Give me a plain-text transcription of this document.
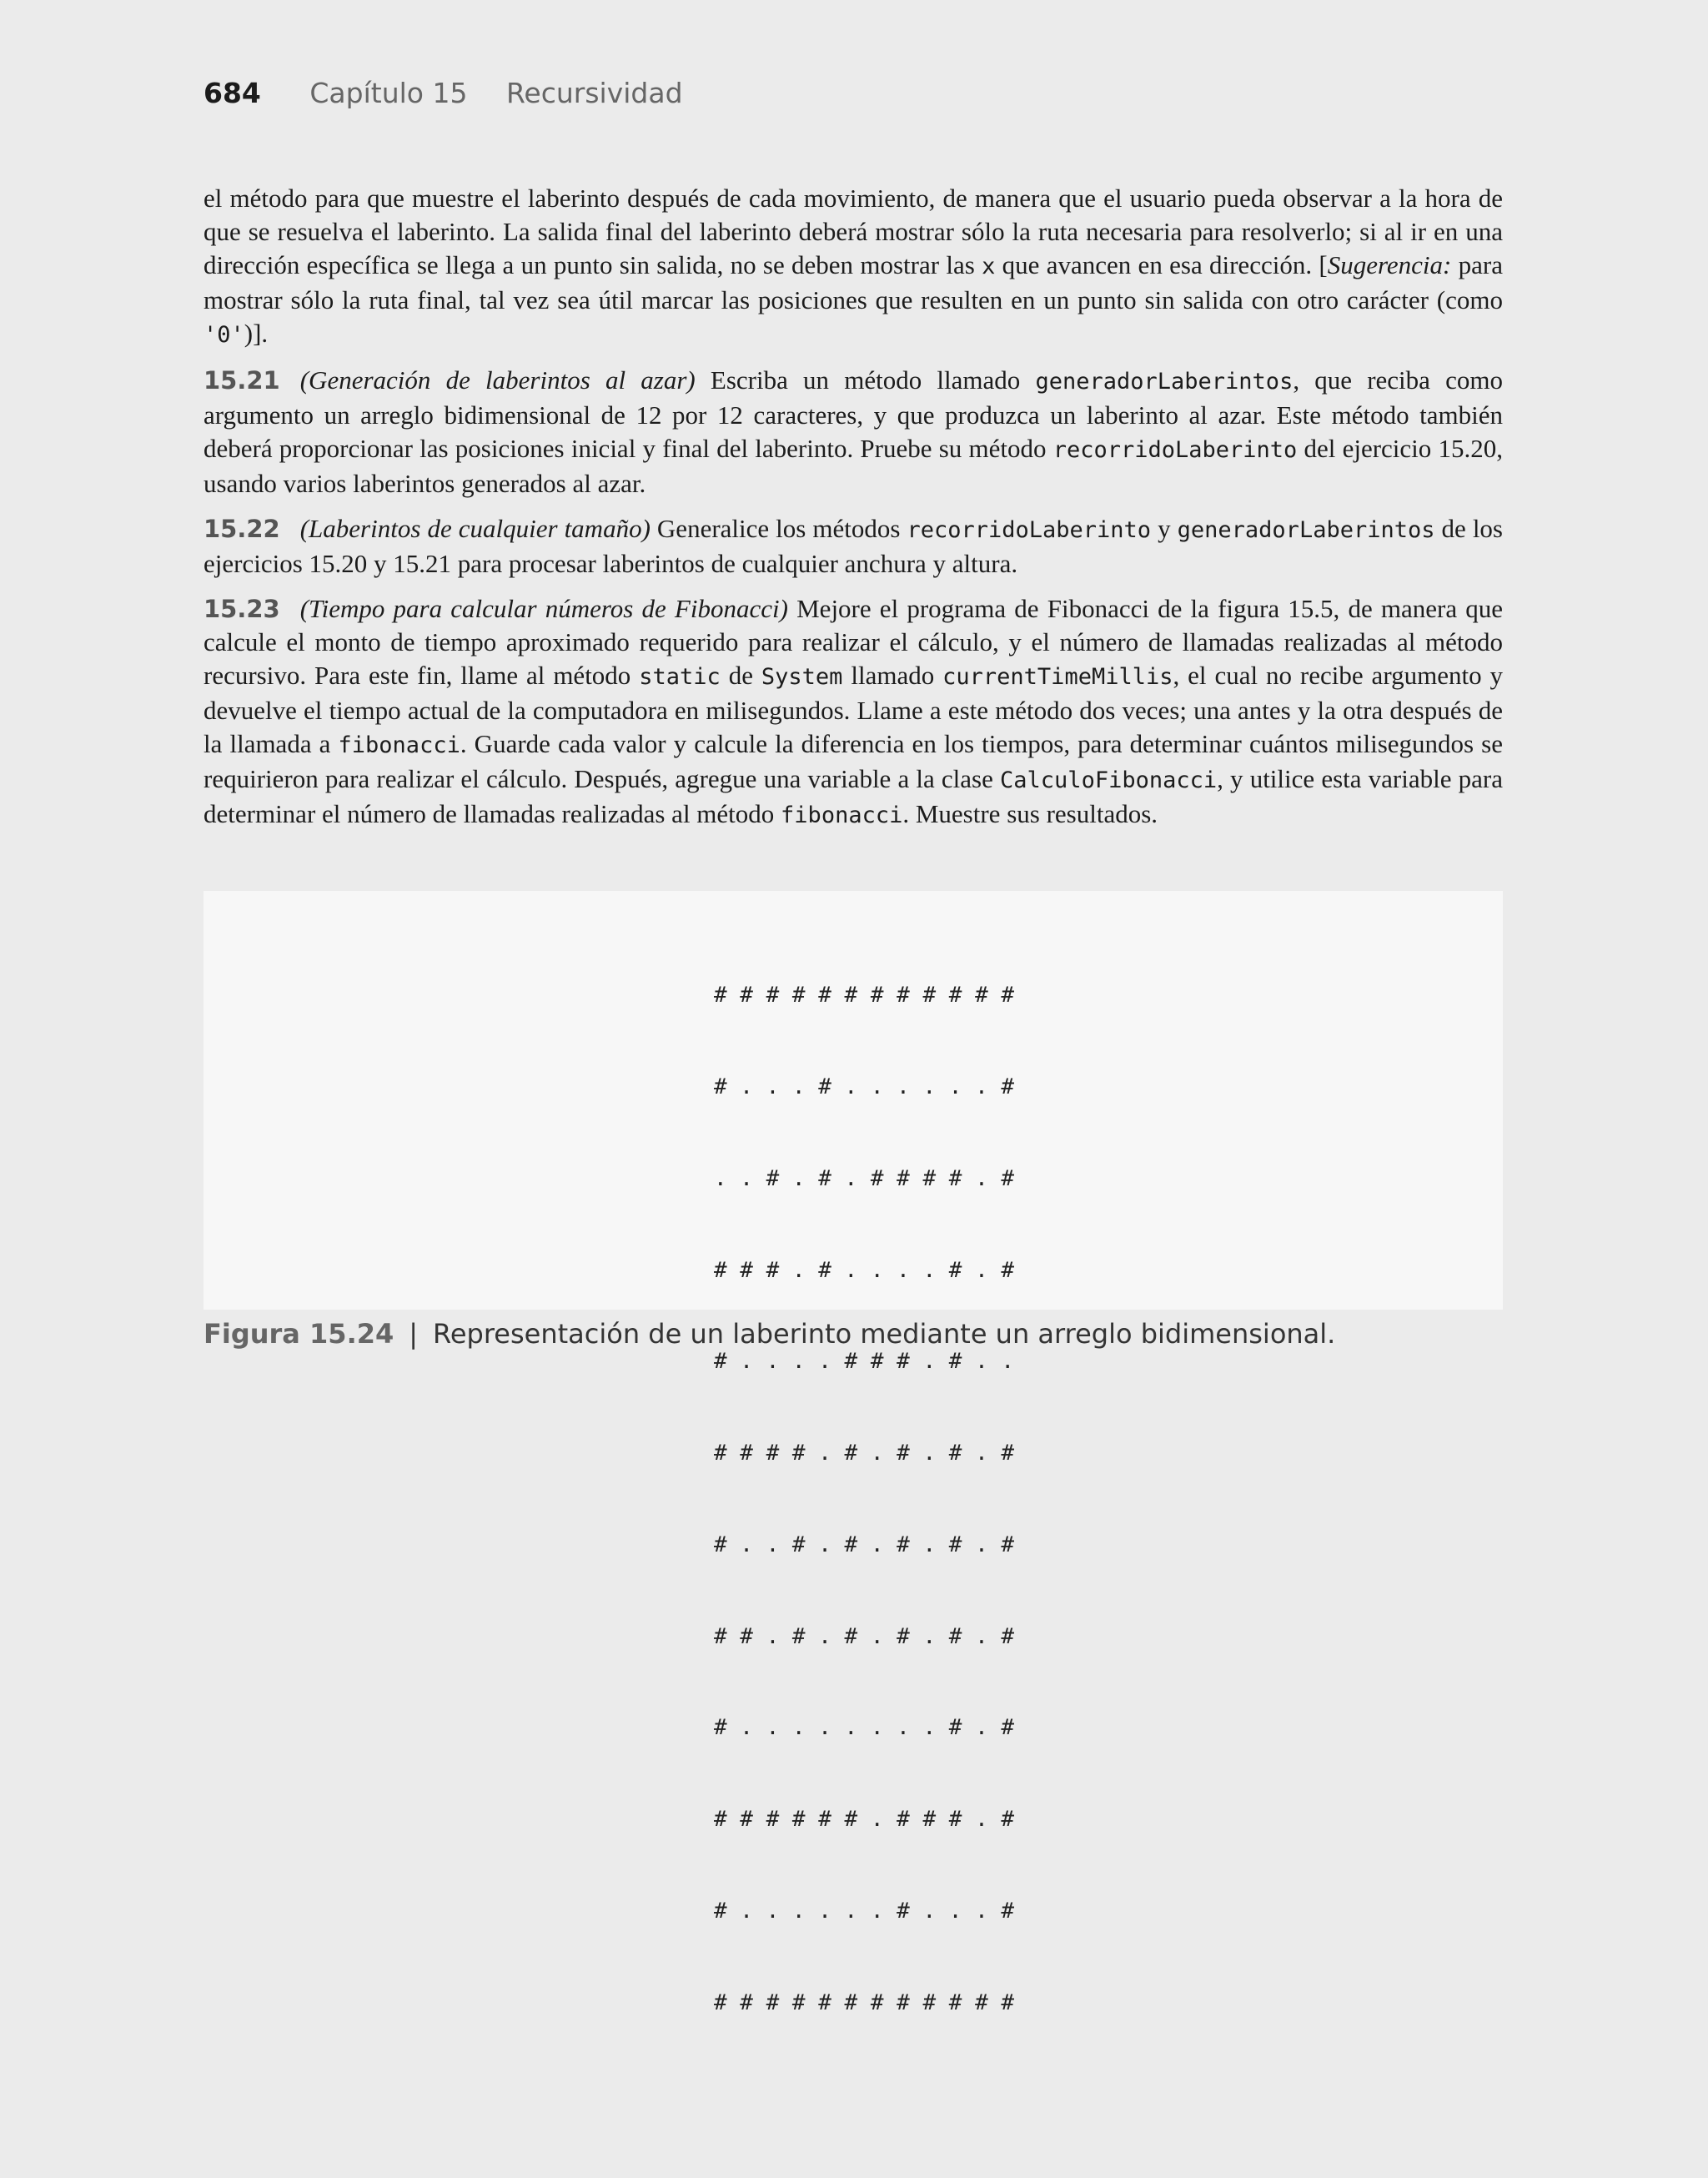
684 Capítulo 15 Recursividad

el método para que muestre el laberinto después de cada movimiento, de manera que el usuario pueda observar a la hora de que se resuelva el laberinto. La salida final del laberinto deberá mostrar sólo la ruta necesaria para resolverlo; si al ir en una dirección específica se llega a un punto sin salida, no se deben mostrar las x que avancen en esa dirección. [Sugerencia: para mostrar sólo la ruta final, tal vez sea útil marcar las posiciones que resulten en un punto sin salida con otro carácter (como '0')].

15.21 (Generación de laberintos al azar) Escriba un método llamado generadorLaberintos, que reciba como argumento un arreglo bidimensional de 12 por 12 caracteres, y que produzca un laberinto al azar. Este método también deberá proporcionar las posiciones inicial y final del laberinto. Pruebe su método recorridoLaberinto del ejercicio 15.20, usando varios laberintos generados al azar.

15.22 (Laberintos de cualquier tamaño) Generalice los métodos recorridoLaberinto y generadorLaberintos de los ejercicios 15.20 y 15.21 para procesar laberintos de cualquier anchura y altura.

15.23 (Tiempo para calcular números de Fibonacci) Mejore el programa de Fibonacci de la figura 15.5, de manera que calcule el monto de tiempo aproximado requerido para realizar el cálculo, y el número de llamadas realizadas al método recursivo. Para este fin, llame al método static de System llamado currentTimeMillis, el cual no recibe argumento y devuelve el tiempo actual de la computadora en milisegundos. Llame a este método dos veces; una antes y la otra después de la llamada a fibonacci. Guarde cada valor y calcule la diferencia en los tiempos, para determinar cuántos milisegundos se requirieron para realizar el cálculo. Después, agregue una variable a la clase CalculoFibonacci, y utilice esta variable para determinar el número de llamadas realizadas al método fibonacci. Muestre sus resultados.

# # # # # # # # # # # #

# . . . # . . . . . . #

. . # . # . # # # # . #

# # # . # . . . . # . #

# . . . . # # # . # . .

# # # # . # . # . # . #

# . . # . # . # . # . #

# # . # . # . # . # . #

# . . . . . . . . # . #

# # # # # # . # # # . #

# . . . . . . # . . . #

# # # # # # # # # # # #

Figura 15.24 | Representación de un laberinto mediante un arreglo bidimensional.
